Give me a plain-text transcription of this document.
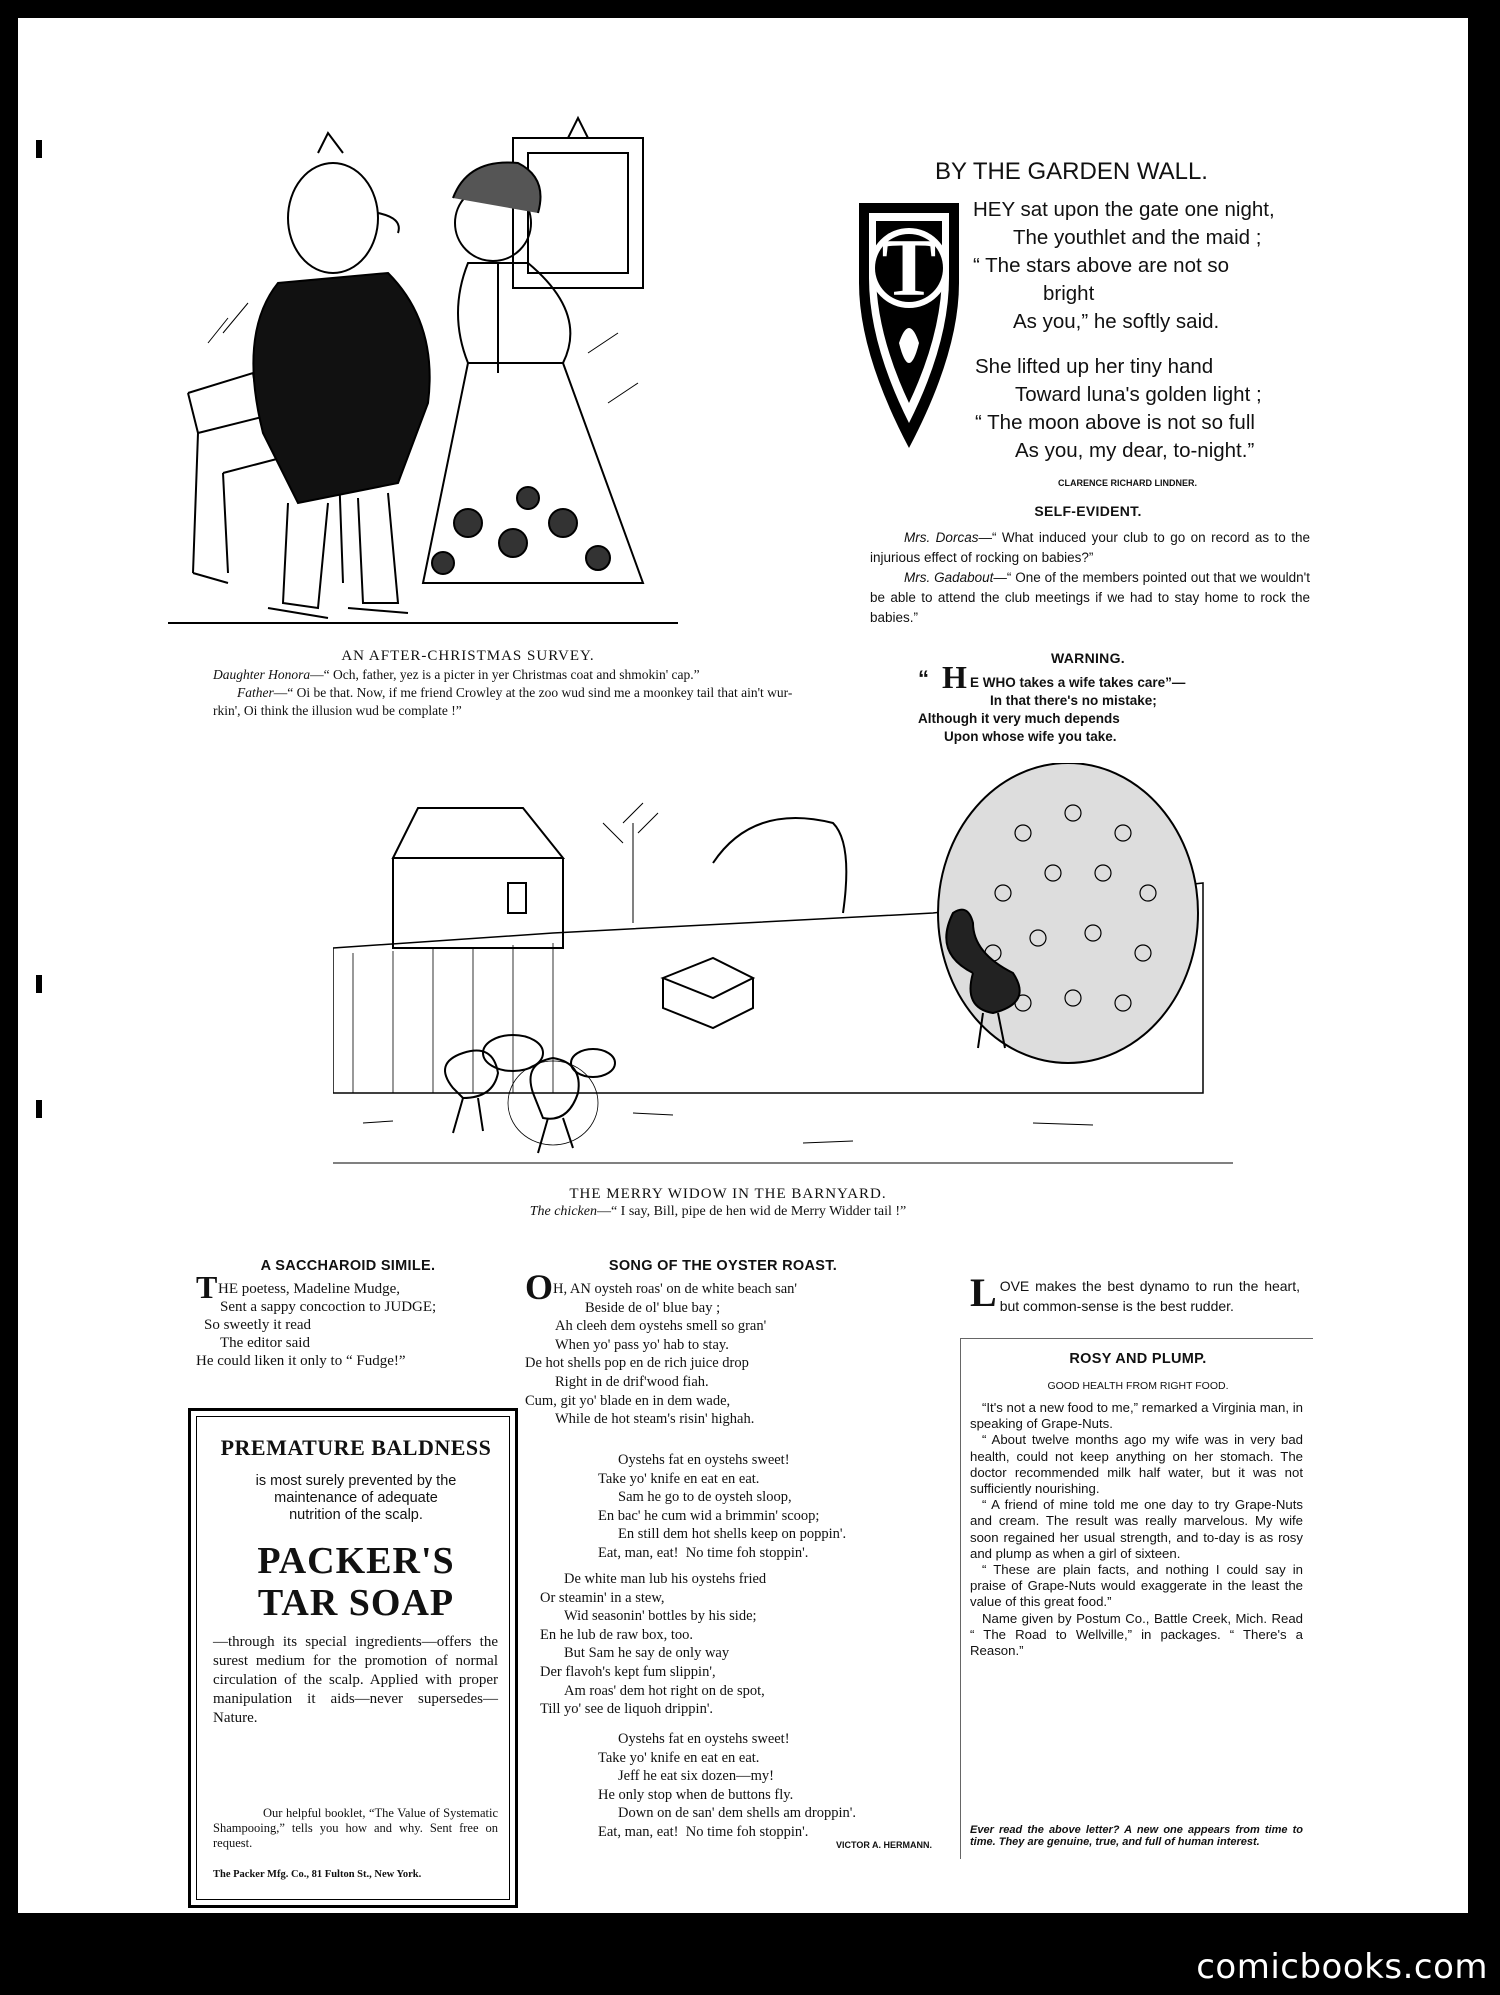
AN AFTER-CHRISTMAS SURVEY.

Daughter Honora—“ Och, father, yez is a picter in yer Christmas coat and shmokin' cap.”

Father—“ Oi be that. Now, if me friend Crowley at the zoo wud sind me a moonkey tail that ain't wur-rkin', Oi think the illusion wud be complate !”

BY THE GARDEN WALL.
T
HEY sat upon the gate one night,
The youthlet and the maid ;
“ The stars above are not so
bright
As you,” he softly said.
She lifted up her tiny hand
Toward luna's golden light ;
“ The moon above is not so full
As you, my dear, to-night.”
CLARENCE RICHARD LINDNER.
SELF-EVIDENT.

Mrs. Dorcas—“ What induced your club to go on record as to the injurious effect of rocking on babies?”

Mrs. Gadabout—“ One of the members pointed out that we wouldn't be able to attend the club meetings if we had to stay home to rock the babies.”

WARNING.
“ H E WHO takes a wife takes care”—
In that there's no mistake;
Although it very much depends
Upon whose wife you take.
THE MERRY WIDOW IN THE BARNYARD.
The chicken—“ I say, Bill, pipe de hen wid de Merry Widder tail !”
A SACCHAROID SIMILE.
T HE poetess, Madeline Mudge,
Sent a sappy concoction to JUDGE;
So sweetly it read
The editor said
He could liken it only to “ Fudge!”
PREMATURE BALDNESS
is most surely prevented by the maintenance of adequate nutrition of the scalp.
PACKER'S
TAR SOAP
—through its special ingredients—offers the surest medium for the promotion of normal circulation of the scalp. Applied with proper manipulation it aids—never supersedes—Nature.
Our helpful booklet, “The Value of Systematic Shampooing,” tells you how and why. Sent free on request.
The Packer Mfg. Co., 81 Fulton St., New York.
SONG OF THE OYSTER ROAST.
O H, AN oysteh roas' on de white beach san'
Beside de ol' blue bay ;
Ah cleeh dem oystehs smell so gran'
When yo' pass yo' hab to stay.
De hot shells pop en de rich juice drop
Right in de drif'wood fiah.
Cum, git yo' blade en in dem wade,
While de hot steam's risin' highah.
Oystehs fat en oystehs sweet!
Take yo' knife en eat en eat.
Sam he go to de oysteh sloop,
En bac' he cum wid a brimmin' scoop;
En still dem hot shells keep on poppin'.
Eat, man, eat!  No time foh stoppin'.
De white man lub his oystehs fried
Or steamin' in a stew,
Wid seasonin' bottles by his side;
En he lub de raw box, too.
But Sam he say de only way
Der flavoh's kept fum slippin',
Am roas' dem hot right on de spot,
Till yo' see de liquoh drippin'.
Oystehs fat en oystehs sweet!
Take yo' knife en eat en eat.
Jeff he eat six dozen—my!
He only stop when de buttons fly.
Down on de san' dem shells am droppin'.
Eat, man, eat!  No time foh stoppin'.
VICTOR A. HERMANN.
LOVE makes the best dynamo to run the heart, but common-sense is the best rudder.
ROSY AND PLUMP.
GOOD HEALTH FROM RIGHT FOOD.

“It's not a new food to me,” remarked a Virginia man, in speaking of Grape-Nuts.

“ About twelve months ago my wife was in very bad health, could not keep anything on her stomach. The doctor recommended milk half water, but it was not sufficiently nourishing.

“ A friend of mine told me one day to try Grape-Nuts and cream. The result was really marvelous. My wife soon regained her usual strength, and to-day is as rosy and plump as when a girl of sixteen.

“ These are plain facts, and nothing I could say in praise of Grape-Nuts would exaggerate in the least the value of this great food.”

Name given by Postum Co., Battle Creek, Mich. Read “ The Road to Wellville,” in packages. “ There's a Reason.”

Ever read the above letter? A new one appears from time to time. They are genuine, true, and full of human interest.
comicbooks.com
